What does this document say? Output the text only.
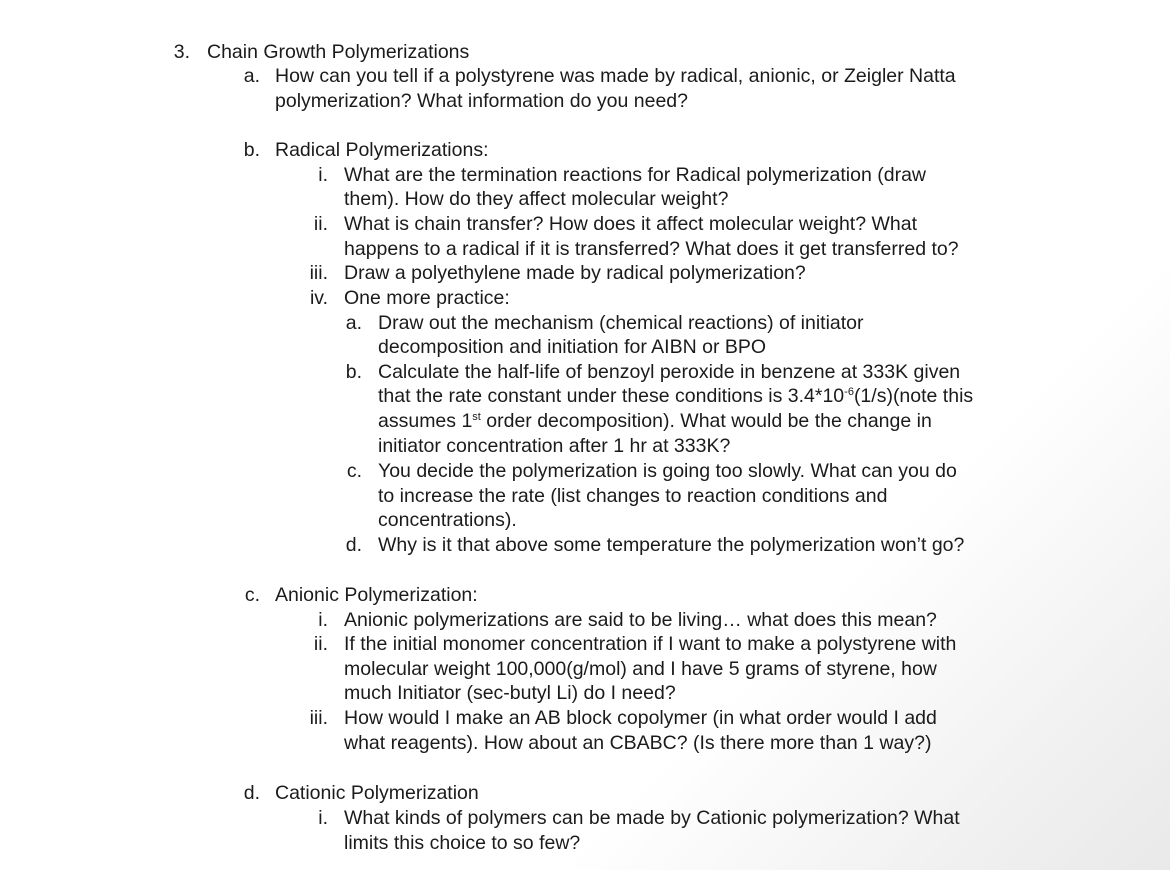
3. Chain Growth Polymerizations
a. How can you tell if a polystyrene was made by radical, anionic, or Zeigler Natta
polymerization? What information do you need?
b. Radical Polymerizations:
i. What are the termination reactions for Radical polymerization (draw
them). How do they affect molecular weight?
ii. What is chain transfer? How does it affect molecular weight? What
happens to a radical if it is transferred? What does it get transferred to?
iii. Draw a polyethylene made by radical polymerization?
iv. One more practice:
a. Draw out the mechanism (chemical reactions) of initiator
decomposition and initiation for AIBN or BPO
b. Calculate the half-life of benzoyl peroxide in benzene at 333K given
that the rate constant under these conditions is $3.4*10^{-6}(1/s)(note$ this
assumes 1st order decomposition). What would be the change in
initiator concentration after 1 hr at 333K?
c. You decide the polymerization is going too slowly. What can you do
to increase the rate (list changes to reaction conditions and
concentrations).
d. Why is it that above some temperature the polymerization won’t go?
c. Anionic Polymerization:
i. Anionic polymerizations are said to be living… what does this mean?
ii. If the initial monomer concentration if I want to make a polystyrene with
molecular weight 100,000(g/mol) and I have 5 grams of styrene, how
much Initiator (sec-butyl Li) do I need?
iii. How would I make an AB block copolymer (in what order would I add
what reagents). How about an CBABC? (Is there more than 1 way?)
d. Cationic Polymerization
i. What kinds of polymers can be made by Cationic polymerization? What
limits this choice to so few?
